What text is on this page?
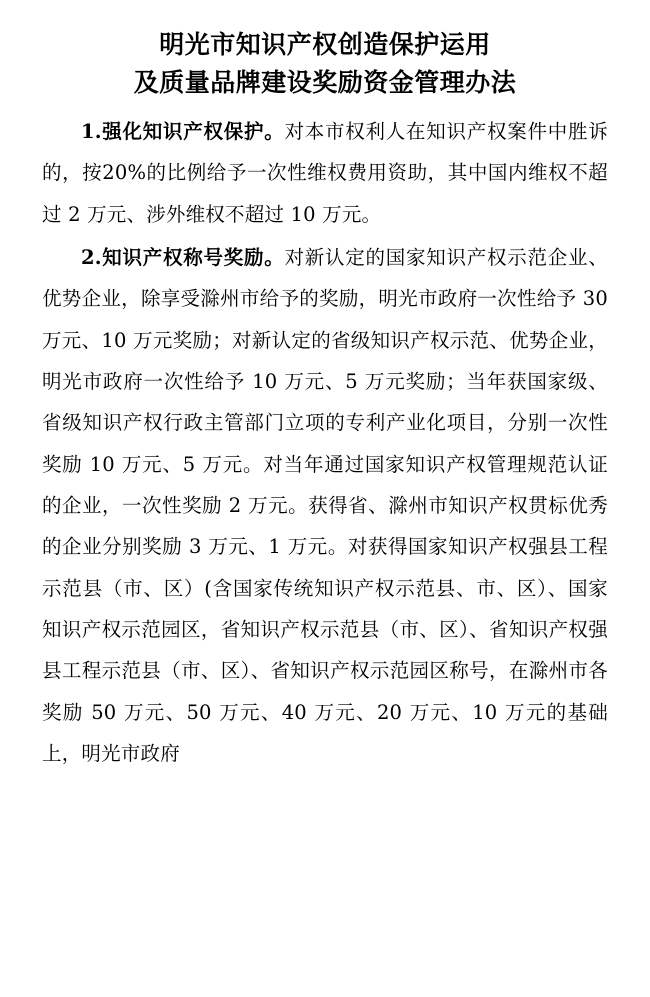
明光市知识产权创造保护运用
及质量品牌建设奖励资金管理办法

1.强化知识产权保护。对本市权利人在知识产权案件中胜诉的，按20%的比例给予一次性维权费用资助，其中国内维权不超过 2 万元、涉外维权不超过 10 万元。

2.知识产权称号奖励。对新认定的国家知识产权示范企业、优势企业，除享受滁州市给予的奖励，明光市政府一次性给予 30 万元、10 万元奖励；对新认定的省级知识产权示范、优势企业，明光市政府一次性给予 10 万元、5 万元奖励；当年获国家级、省级知识产权行政主管部门立项的专利产业化项目，分别一次性奖励 10 万元、5 万元。对当年通过国家知识产权管理规范认证的企业，一次性奖励 2 万元。获得省、滁州市知识产权贯标优秀的企业分别奖励 3 万元、1 万元。对获得国家知识产权强县工程示范县（市、区）(含国家传统知识产权示范县、市、区）、国家知识产权示范园区，省知识产权示范县（市、区）、省知识产权强县工程示范县（市、区）、省知识产权示范园区称号，在滁州市各奖励 50 万元、50 万元、40 万元、20 万元、10 万元的基础上，明光市政府
